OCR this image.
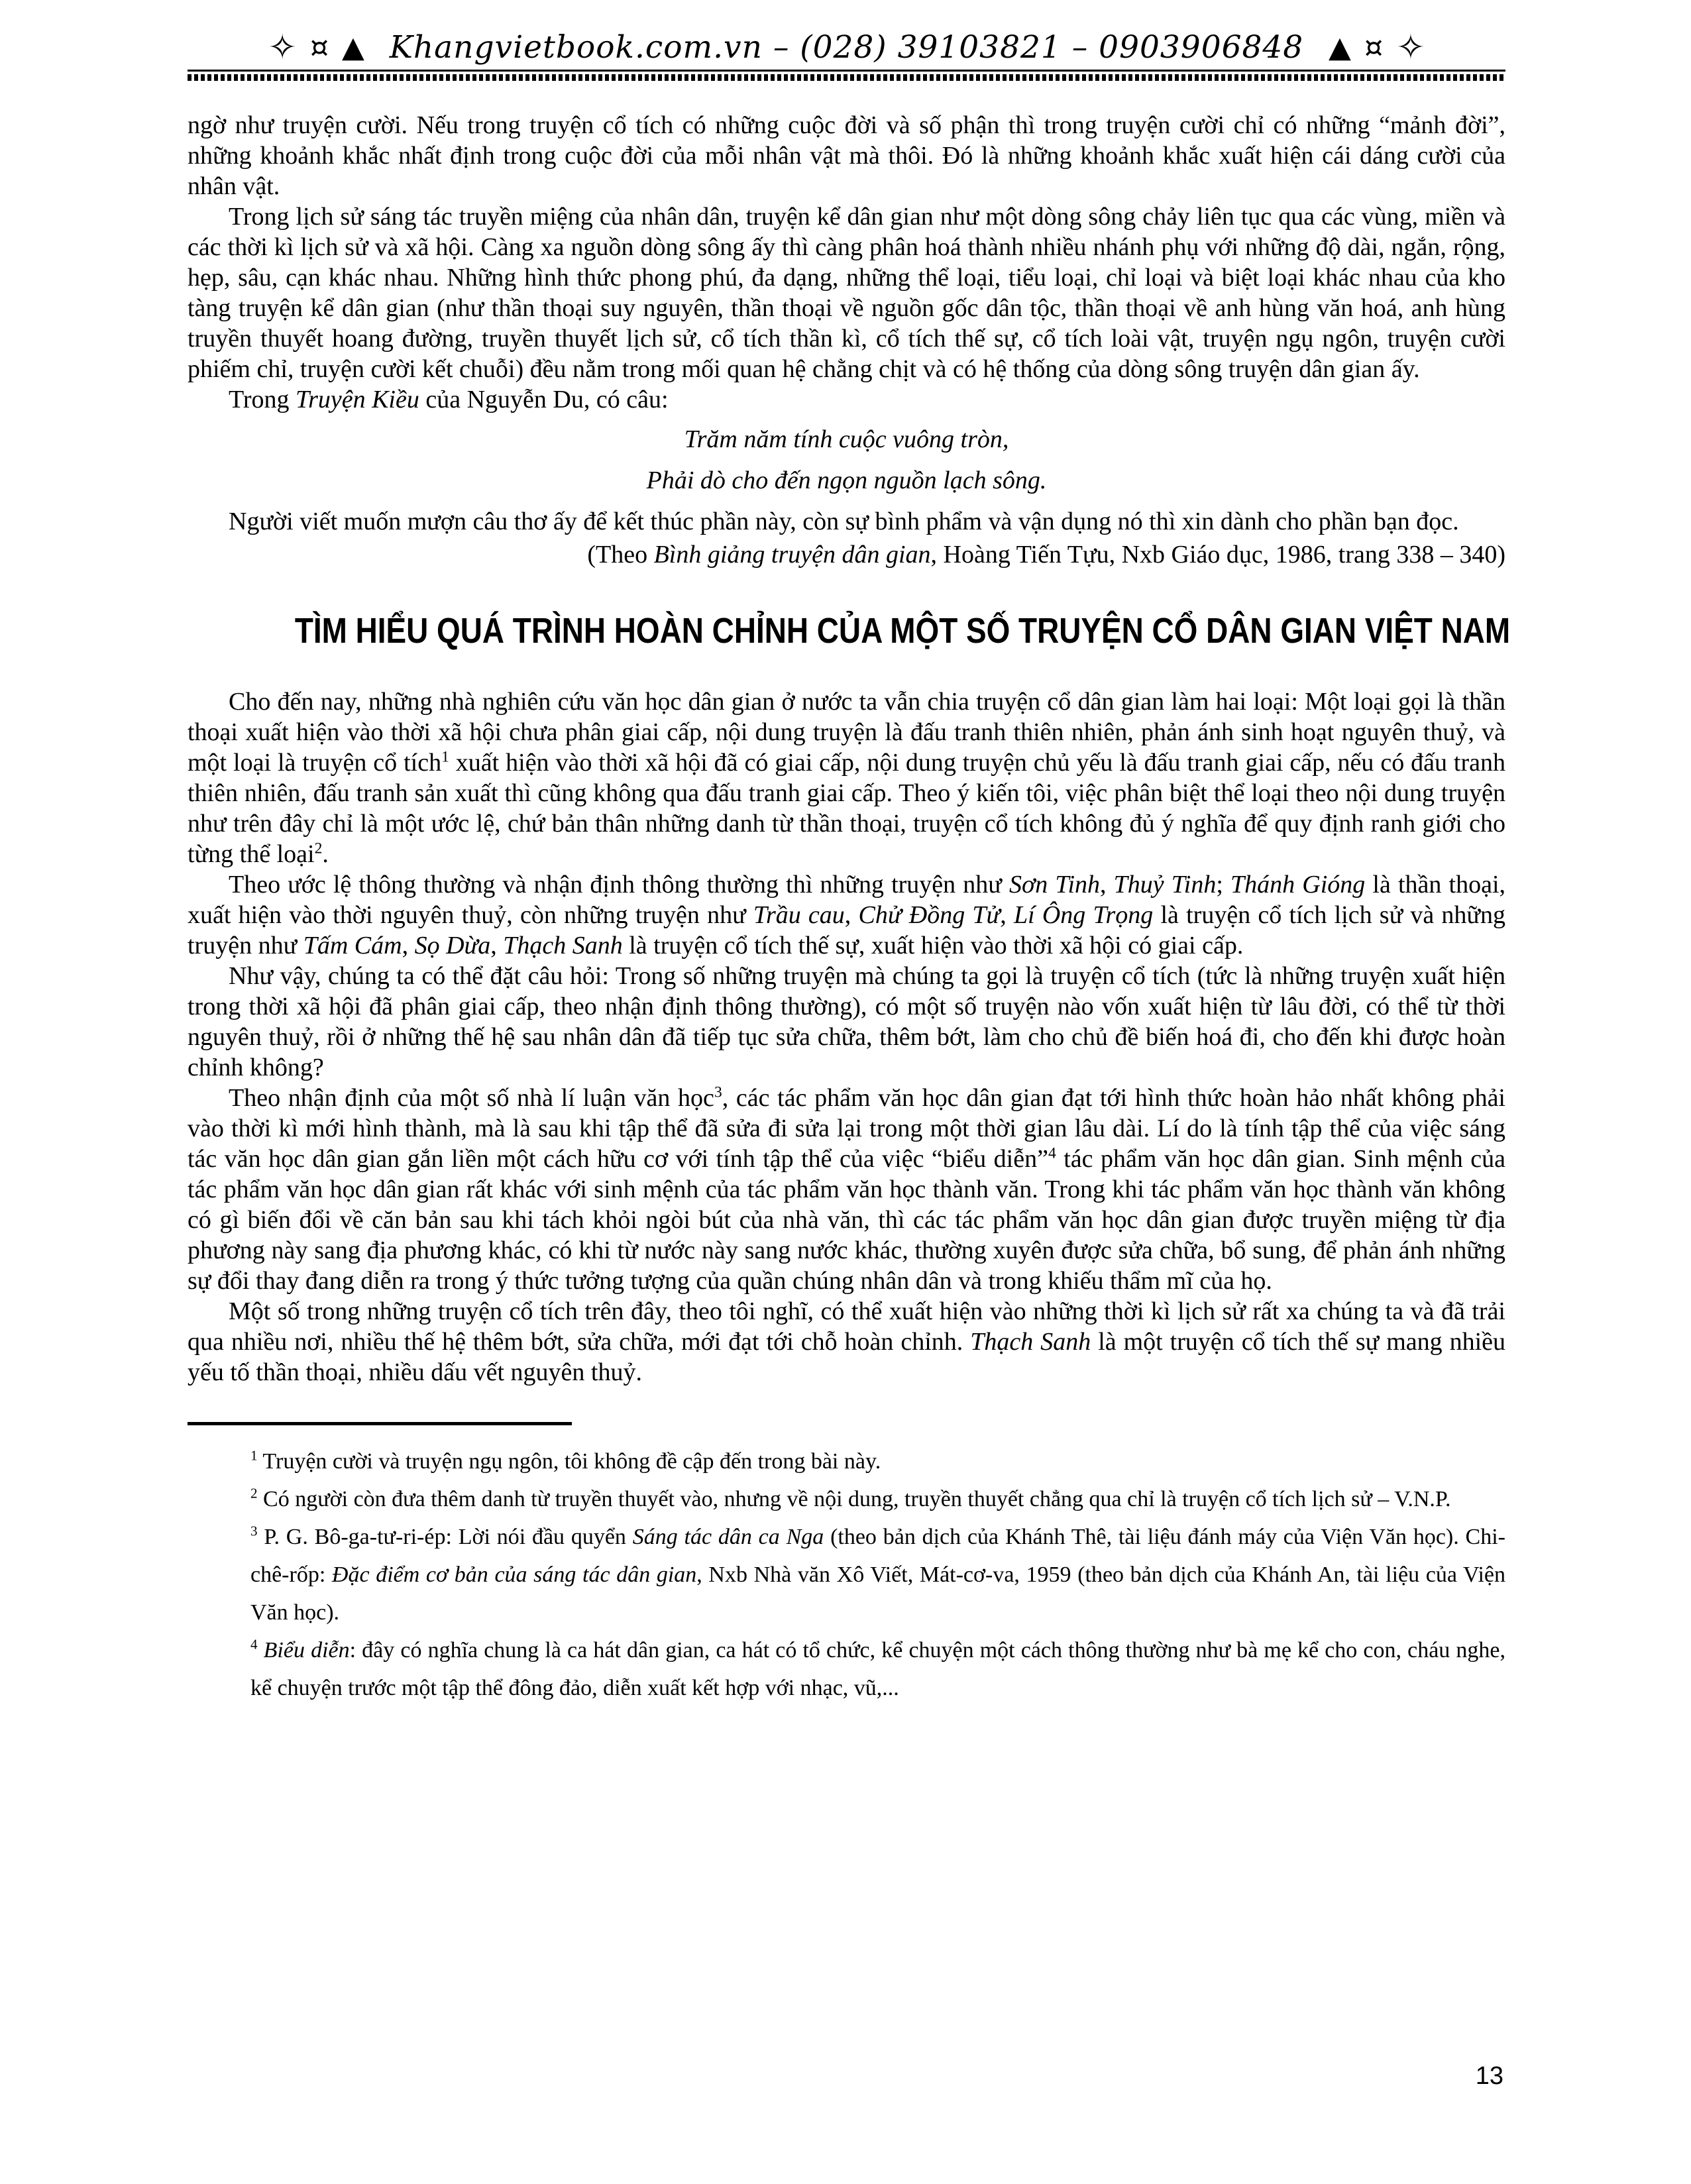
✧ ¤ ▲ Khangvietbook.com.vn – (028) 39103821 – 0903906848 ▲ ¤ ✧

ngờ như truyện cười. Nếu trong truyện cổ tích có những cuộc đời và số phận thì trong truyện cười chỉ có những “mảnh đời”, những khoảnh khắc nhất định trong cuộc đời của mỗi nhân vật mà thôi. Đó là những khoảnh khắc xuất hiện cái dáng cười của nhân vật.

Trong lịch sử sáng tác truyền miệng của nhân dân, truyện kể dân gian như một dòng sông chảy liên tục qua các vùng, miền và các thời kì lịch sử và xã hội. Càng xa nguồn dòng sông ấy thì càng phân hoá thành nhiều nhánh phụ với những độ dài, ngắn, rộng, hẹp, sâu, cạn khác nhau. Những hình thức phong phú, đa dạng, những thể loại, tiểu loại, chỉ loại và biệt loại khác nhau của kho tàng truyện kể dân gian (như thần thoại suy nguyên, thần thoại về nguồn gốc dân tộc, thần thoại về anh hùng văn hoá, anh hùng truyền thuyết hoang đường, truyền thuyết lịch sử, cổ tích thần kì, cổ tích thế sự, cổ tích loài vật, truyện ngụ ngôn, truyện cười phiếm chỉ, truyện cười kết chuỗi) đều nằm trong mối quan hệ chằng chịt và có hệ thống của dòng sông truyện dân gian ấy.

Trong Truyện Kiều của Nguyễn Du, có câu:

Trăm năm tính cuộc vuông tròn,

Phải dò cho đến ngọn nguồn lạch sông.

Người viết muốn mượn câu thơ ấy để kết thúc phần này, còn sự bình phẩm và vận dụng nó thì xin dành cho phần bạn đọc.

(Theo Bình giảng truyện dân gian, Hoàng Tiến Tựu, Nxb Giáo dục, 1986, trang 338 – 340)

TÌM HIỂU QUÁ TRÌNH HOÀN CHỈNH CỦA MỘT SỐ TRUYỆN CỔ DÂN GIAN VIỆT NAM

Cho đến nay, những nhà nghiên cứu văn học dân gian ở nước ta vẫn chia truyện cổ dân gian làm hai loại: Một loại gọi là thần thoại xuất hiện vào thời xã hội chưa phân giai cấp, nội dung truyện là đấu tranh thiên nhiên, phản ánh sinh hoạt nguyên thuỷ, và một loại là truyện cổ tích$^1$ xuất hiện vào thời xã hội đã có giai cấp, nội dung truyện chủ yếu là đấu tranh giai cấp, nếu có đấu tranh thiên nhiên, đấu tranh sản xuất thì cũng không qua đấu tranh giai cấp. Theo ý kiến tôi, việc phân biệt thể loại theo nội dung truyện như trên đây chỉ là một ước lệ, chứ bản thân những danh từ thần thoại, truyện cổ tích không đủ ý nghĩa để quy định ranh giới cho từng thể loại$^2$.

Theo ước lệ thông thường và nhận định thông thường thì những truyện như Sơn Tinh, Thuỷ Tinh; Thánh Gióng là thần thoại, xuất hiện vào thời nguyên thuỷ, còn những truyện như Trầu cau, Chử Đồng Tử, Lí Ông Trọng là truyện cổ tích lịch sử và những truyện như Tấm Cám, Sọ Dừa, Thạch Sanh là truyện cổ tích thế sự, xuất hiện vào thời xã hội có giai cấp.

Như vậy, chúng ta có thể đặt câu hỏi: Trong số những truyện mà chúng ta gọi là truyện cổ tích (tức là những truyện xuất hiện trong thời xã hội đã phân giai cấp, theo nhận định thông thường), có một số truyện nào vốn xuất hiện từ lâu đời, có thể từ thời nguyên thuỷ, rồi ở những thế hệ sau nhân dân đã tiếp tục sửa chữa, thêm bớt, làm cho chủ đề biến hoá đi, cho đến khi được hoàn chỉnh không?

Theo nhận định của một số nhà lí luận văn học$^3$, các tác phẩm văn học dân gian đạt tới hình thức hoàn hảo nhất không phải vào thời kì mới hình thành, mà là sau khi tập thể đã sửa đi sửa lại trong một thời gian lâu dài. Lí do là tính tập thể của việc sáng tác văn học dân gian gắn liền một cách hữu cơ với tính tập thể của việc “biểu diễn”$^4$ tác phẩm văn học dân gian. Sinh mệnh của tác phẩm văn học dân gian rất khác với sinh mệnh của tác phẩm văn học thành văn. Trong khi tác phẩm văn học thành văn không có gì biến đổi về căn bản sau khi tách khỏi ngòi bút của nhà văn, thì các tác phẩm văn học dân gian được truyền miệng từ địa phương này sang địa phương khác, có khi từ nước này sang nước khác, thường xuyên được sửa chữa, bổ sung, để phản ánh những sự đổi thay đang diễn ra trong ý thức tưởng tượng của quần chúng nhân dân và trong khiếu thẩm mĩ của họ.

Một số trong những truyện cổ tích trên đây, theo tôi nghĩ, có thể xuất hiện vào những thời kì lịch sử rất xa chúng ta và đã trải qua nhiều nơi, nhiều thế hệ thêm bớt, sửa chữa, mới đạt tới chỗ hoàn chỉnh. Thạch Sanh là một truyện cổ tích thế sự mang nhiều yếu tố thần thoại, nhiều dấu vết nguyên thuỷ.

$^1$ Truyện cười và truyện ngụ ngôn, tôi không đề cập đến trong bài này.

$^2$ Có người còn đưa thêm danh từ truyền thuyết vào, nhưng về nội dung, truyền thuyết chẳng qua chỉ là truyện cổ tích lịch sử – V.N.P.

$^3$ P. G. Bô-ga-tư-ri-ép: Lời nói đầu quyển Sáng tác dân ca Nga (theo bản dịch của Khánh Thê, tài liệu đánh máy của Viện Văn học). Chi-chê-rốp: Đặc điểm cơ bản của sáng tác dân gian, Nxb Nhà văn Xô Viết, Mát-cơ-va, 1959 (theo bản dịch của Khánh An, tài liệu của Viện Văn học).

$^4$ Biểu diễn: đây có nghĩa chung là ca hát dân gian, ca hát có tổ chức, kể chuyện một cách thông thường như bà mẹ kể cho con, cháu nghe, kể chuyện trước một tập thể đông đảo, diễn xuất kết hợp với nhạc, vũ,...

13
